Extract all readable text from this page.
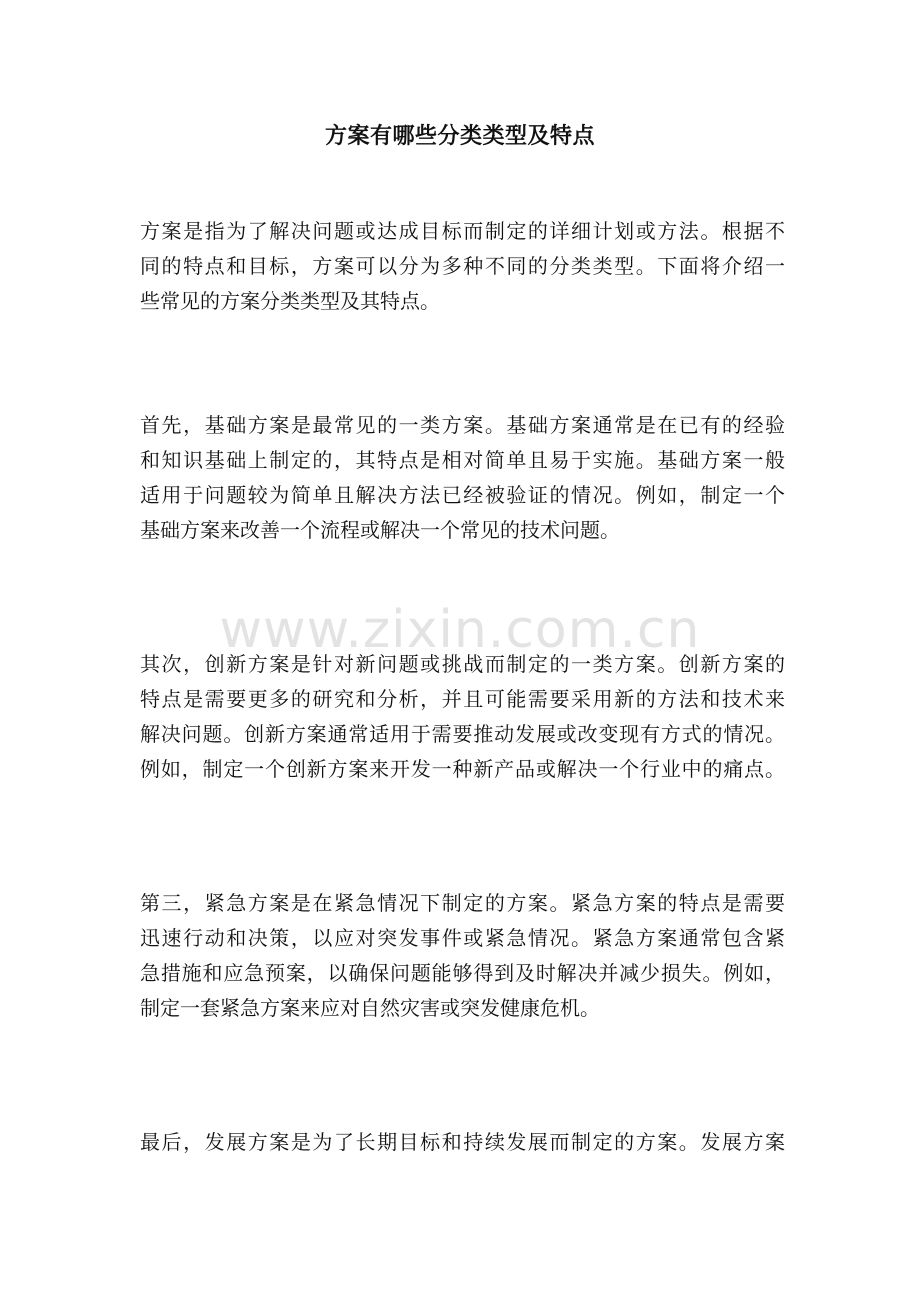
www.zixin.com.cn
方案有哪些分类类型及特点
方案是指为了解决问题或达成目标而制定的详细计划或方法。根据不
同的特点和目标，方案可以分为多种不同的分类类型。下面将介绍一
些常见的方案分类类型及其特点。
首先，基础方案是最常见的一类方案。基础方案通常是在已有的经验
和知识基础上制定的，其特点是相对简单且易于实施。基础方案一般
适用于问题较为简单且解决方法已经被验证的情况。例如，制定一个
基础方案来改善一个流程或解决一个常见的技术问题。
其次，创新方案是针对新问题或挑战而制定的一类方案。创新方案的
特点是需要更多的研究和分析，并且可能需要采用新的方法和技术来
解决问题。创新方案通常适用于需要推动发展或改变现有方式的情况。
例如，制定一个创新方案来开发一种新产品或解决一个行业中的痛点。
第三，紧急方案是在紧急情况下制定的方案。紧急方案的特点是需要
迅速行动和决策，以应对突发事件或紧急情况。紧急方案通常包含紧
急措施和应急预案，以确保问题能够得到及时解决并减少损失。例如，
制定一套紧急方案来应对自然灾害或突发健康危机。
最后，发展方案是为了长期目标和持续发展而制定的方案。发展方案
